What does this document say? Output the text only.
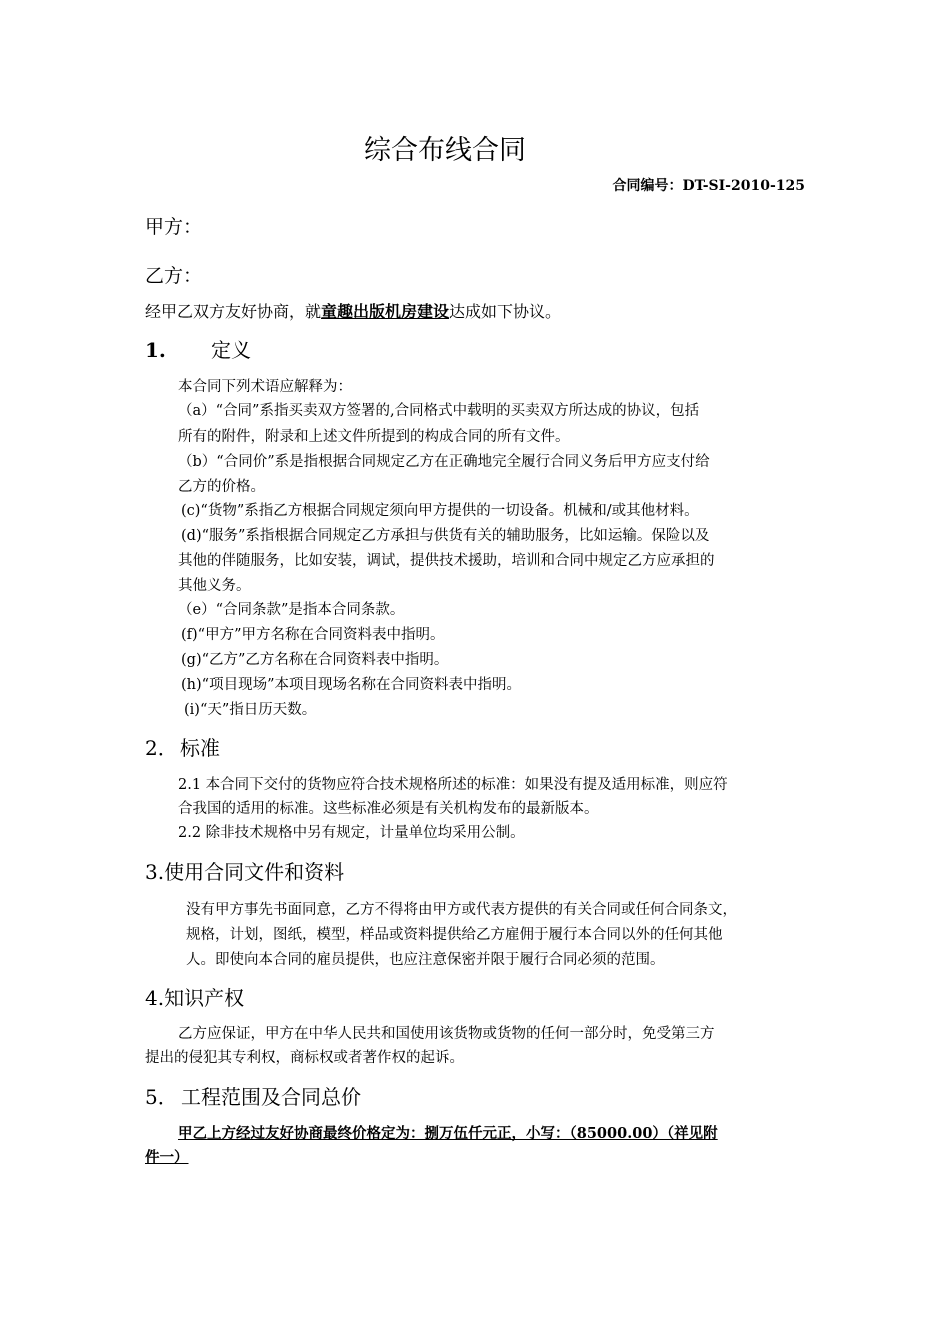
综合布线合同
合同编号：DT-SI-2010-125
甲方：
乙方：
经甲乙双方友好协商，就童趣出版机房建设达成如下协议。
1. 定义
本合同下列术语应解释为：
（a）“合同”系指买卖双方签署的,合同格式中载明的买卖双方所达成的协议，包括
所有的附件，附录和上述文件所提到的构成合同的所有文件。
（b）“合同价”系是指根据合同规定乙方在正确地完全履行合同义务后甲方应支付给
乙方的价格。
(c)“货物”系指乙方根据合同规定须向甲方提供的一切设备。机械和/或其他材料。
(d)“服务”系指根据合同规定乙方承担与供货有关的辅助服务，比如运输。保险以及
其他的伴随服务，比如安装，调试，提供技术援助，培训和合同中规定乙方应承担的
其他义务。
（e）“合同条款”是指本合同条款。
(f)“甲方”甲方名称在合同资料表中指明。
(g)“乙方”乙方名称在合同资料表中指明。
(h)“项目现场”本项目现场名称在合同资料表中指明。
(i)“天”指日历天数。
2． 标准
2.1 本合同下交付的货物应符合技术规格所述的标准：如果没有提及适用标准，则应符
合我国的适用的标准。这些标准必须是有关机构发布的最新版本。
2.2 除非技术规格中另有规定，计量单位均采用公制。
3.使用合同文件和资料
没有甲方事先书面同意，乙方不得将由甲方或代表方提供的有关合同或任何合同条文，
规格，计划，图纸，模型，样品或资料提供给乙方雇佣于履行本合同以外的任何其他
人。即使向本合同的雇员提供，也应注意保密并限于履行合同必须的范围。
4.知识产权
乙方应保证，甲方在中华人民共和国使用该货物或货物的任何一部分时，免受第三方
提出的侵犯其专利权，商标权或者著作权的起诉。
5． 工程范围及合同总价
甲乙上方经过友好协商最终价格定为：捌万伍仟元正，小写：（85000.00）（祥见附
件一）
